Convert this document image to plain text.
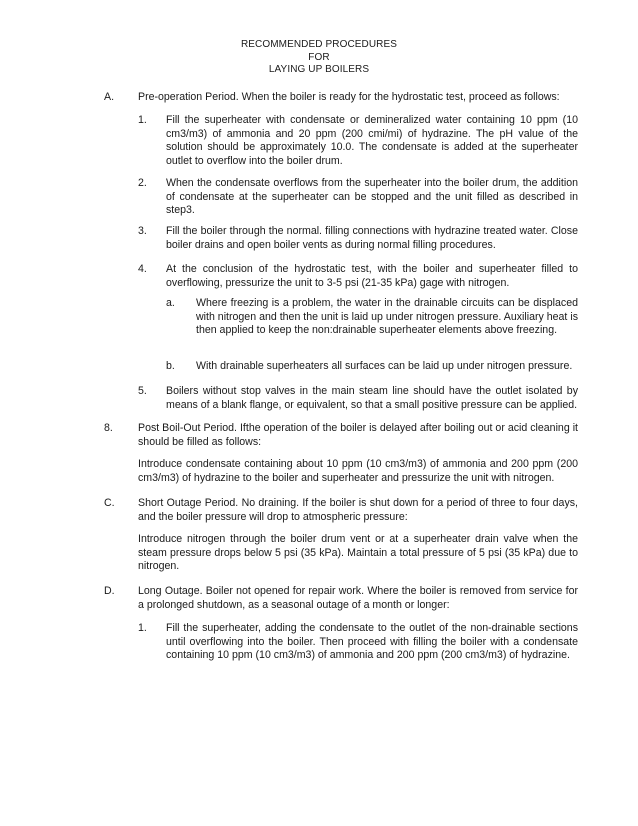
RECOMMENDED PROCEDURES
FOR
LAYING UP BOILERS
A. Pre-operation Period. When the boiler is ready for the hydrostatic test, proceed as follows:
1. Fill the superheater with condensate or demineralized water containing 10 ppm (10 cm3/m3) of ammonia and 20 ppm (200 cmi/mi) of hydrazine. The pH value of the solution should be approximately 10.0. The condensate is added at the superheater outlet to overflow into the boiler drum.
2. When the condensate overflows from the superheater into the boiler drum, the addition of condensate at the superheater can be stopped and the unit filled as described in step3.
3. Fill the boiler through the normal. filling connections with hydrazine treated water. Close boiler drains and open boiler vents as during normal filling procedures.
4. At the conclusion of the hydrostatic test, with the boiler and superheater filled to overflowing, pressurize the unit to 3-5 psi (21-35 kPa) gage with nitrogen.
a. Where freezing is a problem, the water in the drainable circuits can be displaced with nitrogen and then the unit is laid up under nitrogen pressure. Auxiliary heat is then applied to keep the non:drainable superheater elements above freezing.
b. With drainable superheaters all surfaces can be laid up under nitrogen pressure.
5. Boilers without stop valves in the main steam line should have the outlet isolated by means of a blank flange, or equivalent, so that a small positive pressure can be applied.
8. Post Boil-Out Period. Ifthe operation of the boiler is delayed after boiling out or acid cleaning it should be filled as follows:
Introduce condensate containing about 10 ppm (10 cm3/m3) of ammonia and 200 ppm (200 cm3/m3) of hydrazine to the boiler and superheater and pressurize the unit with nitrogen.
C. Short Outage Period. No draining. If the boiler is shut down for a period of three to four days, and the boiler pressure will drop to atmospheric pressure:
Introduce nitrogen through the boiler drum vent or at a superheater drain valve when the steam pressure drops below 5 psi (35 kPa). Maintain a total pressure of 5 psi (35 kPa) due to nitrogen.
D. Long Outage. Boiler not opened for repair work. Where the boiler is removed from service for a prolonged shutdown, as a seasonal outage of a month or longer:
1. Fill the superheater, adding the condensate to the outlet of the non-drainable sections until overflowing into the boiler. Then proceed with filling the boiler with a condensate containing 10 ppm (10 cm3/m3) of ammonia and 200 ppm (200 cm3/m3) of hydrazine.
